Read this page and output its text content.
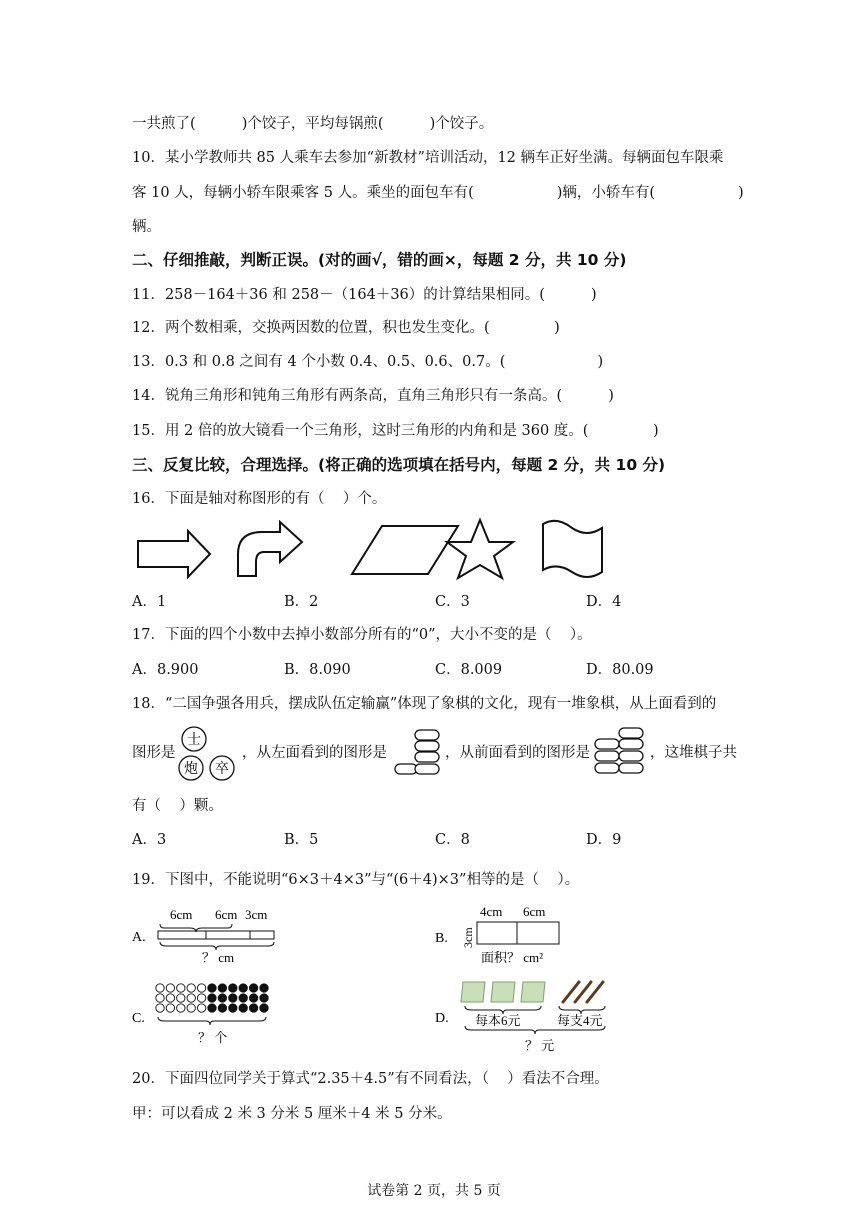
一共煎了(          )个饺子，平均每锅煎(          )个饺子。
10．某小学教师共 85 人乘车去参加“新教材”培训活动，12 辆车正好坐满。每辆面包车限乘
客 10 人，每辆小轿车限乘客 5 人。乘坐的面包车有(                  )辆，小轿车有(                  )
辆。
二、仔细推敲，判断正误。(对的画√，错的画×，每题 2 分，共 10 分)
11．258－164＋36 和 258－（164＋36）的计算结果相同。(          )
12．两个数相乘，交换两因数的位置，积也发生变化。(              )
13．0.3 和 0.8 之间有 4 个小数 0.4、0.5、0.6、0.7。(                    )
14．锐角三角形和钝角三角形有两条高，直角三角形只有一条高。(          )
15．用 2 倍的放大镜看一个三角形，这时三角形的内角和是 360 度。(              )
三、反复比较，合理选择。(将正确的选项填在括号内，每题 2 分，共 10 分)
16．下面是轴对称图形的有（    ）个。
A．1	B．2	C．3	D．4
17．下面的四个小数中去掉小数部分所有的“0”，大小不变的是（    ）。
A．8.900	B．8.090	C．8.009	D．80.09
18．“二国争强各用兵，摆成队伍定输赢”体现了象棋的文化，现有一堆象棋，从上面看到的
图形是
士
炮 卒
，从左面看到的图形是	，从前面看到的图形是	，这堆棋子共
有（    ）颗。
A．3	B．5	C．8	D．9
19．下图中，不能说明“6×3＋4×3”与“(6＋4)×3”相等的是（    ）。
A.
6cm 6cm 3cm
？ cm
B.
4cm 6cm
3cm
面积？ cm²
C.
？ 个
D. 每本6元	每支4元
？ 元
20．下面四位同学关于算式“2.35＋4.5”有不同看法，（    ）看法不合理。
甲：可以看成 2 米 3 分米 5 厘米＋4 米 5 分米。
试卷第 2 页，共 5 页
